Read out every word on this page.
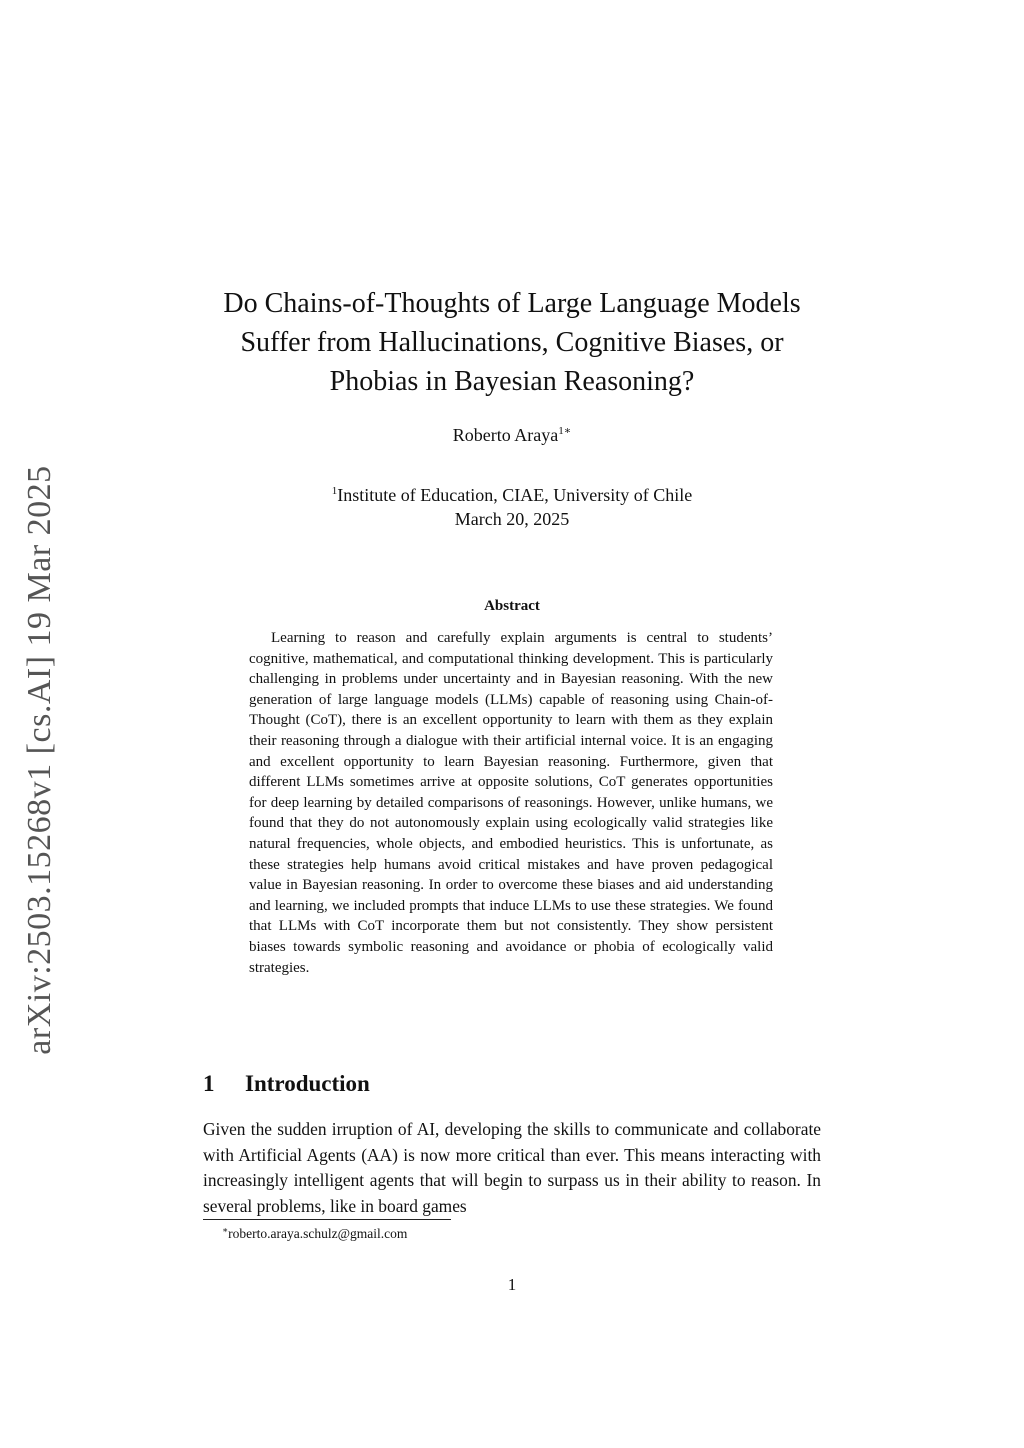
arXiv:2503.15268v1 [cs.AI] 19 Mar 2025
Do Chains-of-Thoughts of Large Language Models
Suffer from Hallucinations, Cognitive Biases, or
Phobias in Bayesian Reasoning?
Roberto Araya$^{1∗}$
$^1$Institute of Education, CIAE, University of Chile
March 20, 2025
Abstract

Learning to reason and carefully explain arguments is central to students’ cognitive, mathematical, and computational thinking development. This is particularly challenging in problems under uncertainty and in Bayesian reasoning. With the new generation of large language models (LLMs) capable of reasoning using Chain-of-Thought (CoT), there is an excellent opportunity to learn with them as they explain their reasoning through a dialogue with their artificial internal voice. It is an engaging and excellent opportunity to learn Bayesian reasoning. Furthermore, given that different LLMs sometimes arrive at opposite solutions, CoT generates opportunities for deep learning by detailed comparisons of reasonings. However, unlike humans, we found that they do not autonomously explain using ecologically valid strategies like natural frequencies, whole objects, and embodied heuristics. This is unfortunate, as these strategies help humans avoid critical mistakes and have proven pedagogical value in Bayesian reasoning. In order to overcome these biases and aid understanding and learning, we included prompts that induce LLMs to use these strategies. We found that LLMs with CoT incorporate them but not consistently. They show persistent biases towards symbolic reasoning and avoidance or phobia of ecologically valid strategies.

1 Introduction

Given the sudden irruption of AI, developing the skills to communicate and collaborate with Artificial Agents (AA) is now more critical than ever. This means interacting with increasingly intelligent agents that will begin to surpass us in their ability to reason. In several problems, like in board games

∗roberto.araya.schulz@gmail.com
1
